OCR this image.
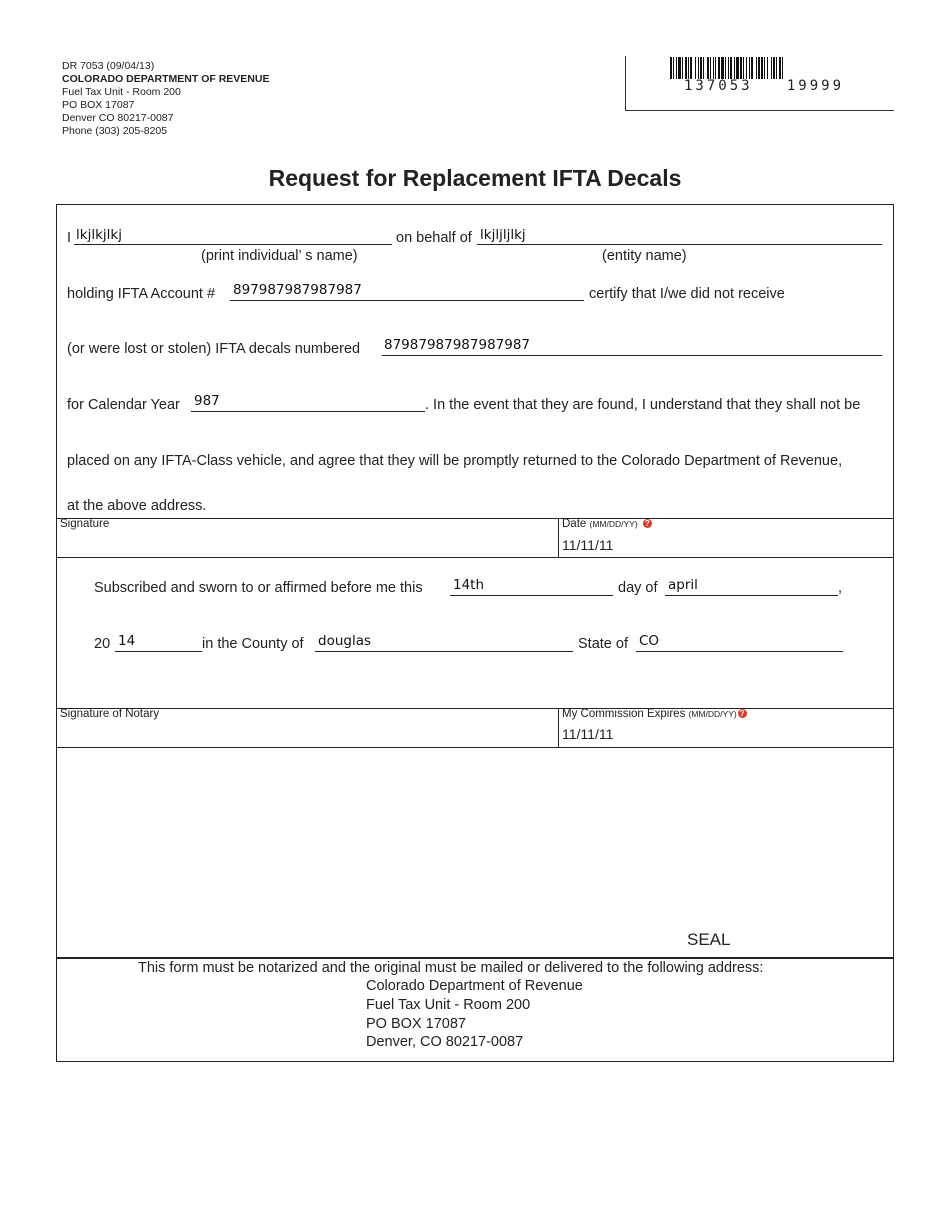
DR 7053 (09/04/13)
COLORADO DEPARTMENT OF REVENUE
Fuel Tax Unit - Room 200
PO BOX 17087
Denver CO 80217-0087
Phone (303) 205-8205
137053   19999
Request for Replacement IFTA Decals
I lkjlkjlkj	on behalf of lkjljljlkj
(print individual’ s name)	(entity name)
holding IFTA Account # 897987987987987	certify that I/we did not receive
(or were lost or stolen) IFTA decals numbered 87987987987987987
for Calendar Year 987	. In the event that they are found, I understand that they shall not be
placed on any IFTA-Class vehicle, and agree that they will be promptly returned to the Colorado Department of Revenue,
at the above address.
Signature	Date (MM/DD/YY) ?
11/11/11
Subscribed and sworn to or affirmed before me this 14th	day of april	,
20 14	in the County of douglas	State of CO
Signature of Notary	My Commission Expires (MM/DD/YY) ?
11/11/11
SEAL
This form must be notarized and the original must be mailed or delivered to the following address:
Colorado Department of Revenue
Fuel Tax Unit - Room 200
PO BOX 17087
Denver, CO 80217-0087
